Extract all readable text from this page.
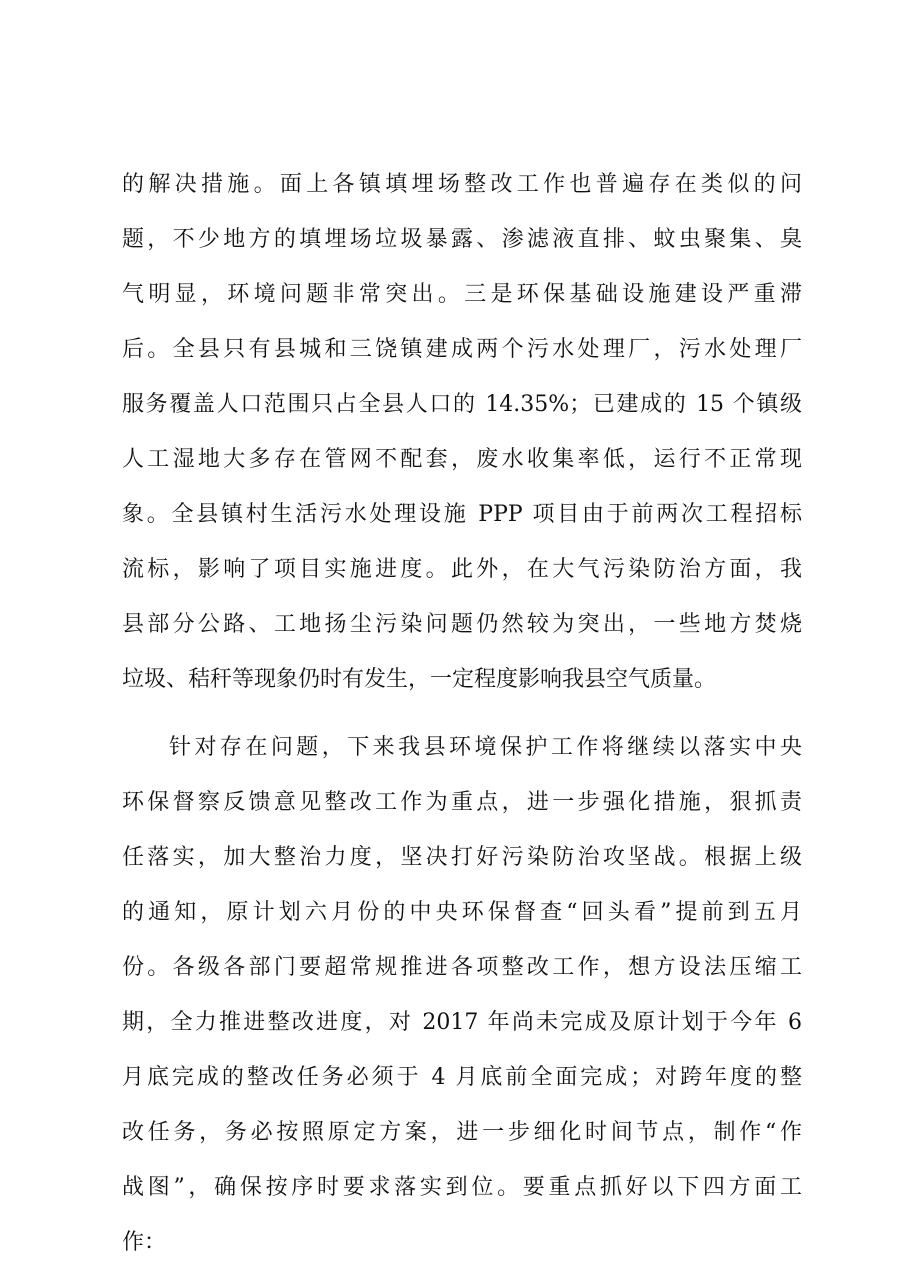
的解决措施。面上各镇填埋场整改工作也普遍存在类似的问
题，不少地方的填埋场垃圾暴露、渗滤液直排、蚊虫聚集、臭
气明显，环境问题非常突出。三是环保基础设施建设严重滞
后。全县只有县城和三饶镇建成两个污水处理厂，污水处理厂
服务覆盖人口范围只占全县人口的 14.35%；已建成的 15 个镇级
人工湿地大多存在管网不配套，废水收集率低，运行不正常现
象。全县镇村生活污水处理设施 PPP 项目由于前两次工程招标
流标，影响了项目实施进度。此外，在大气污染防治方面，我
县部分公路、工地扬尘污染问题仍然较为突出，一些地方焚烧
垃圾、秸秆等现象仍时有发生，一定程度影响我县空气质量。
针对存在问题，下来我县环境保护工作将继续以落实中央
环保督察反馈意见整改工作为重点，进一步强化措施，狠抓责
任落实，加大整治力度，坚决打好污染防治攻坚战。根据上级
的通知，原计划六月份的中央环保督查“回头看”提前到五月
份。各级各部门要超常规推进各项整改工作，想方设法压缩工
期，全力推进整改进度，对 2017 年尚未完成及原计划于今年 6
月底完成的整改任务必须于 4 月底前全面完成；对跨年度的整
改任务，务必按照原定方案，进一步细化时间节点，制作“作
战图”，确保按序时要求落实到位。要重点抓好以下四方面工
作：
